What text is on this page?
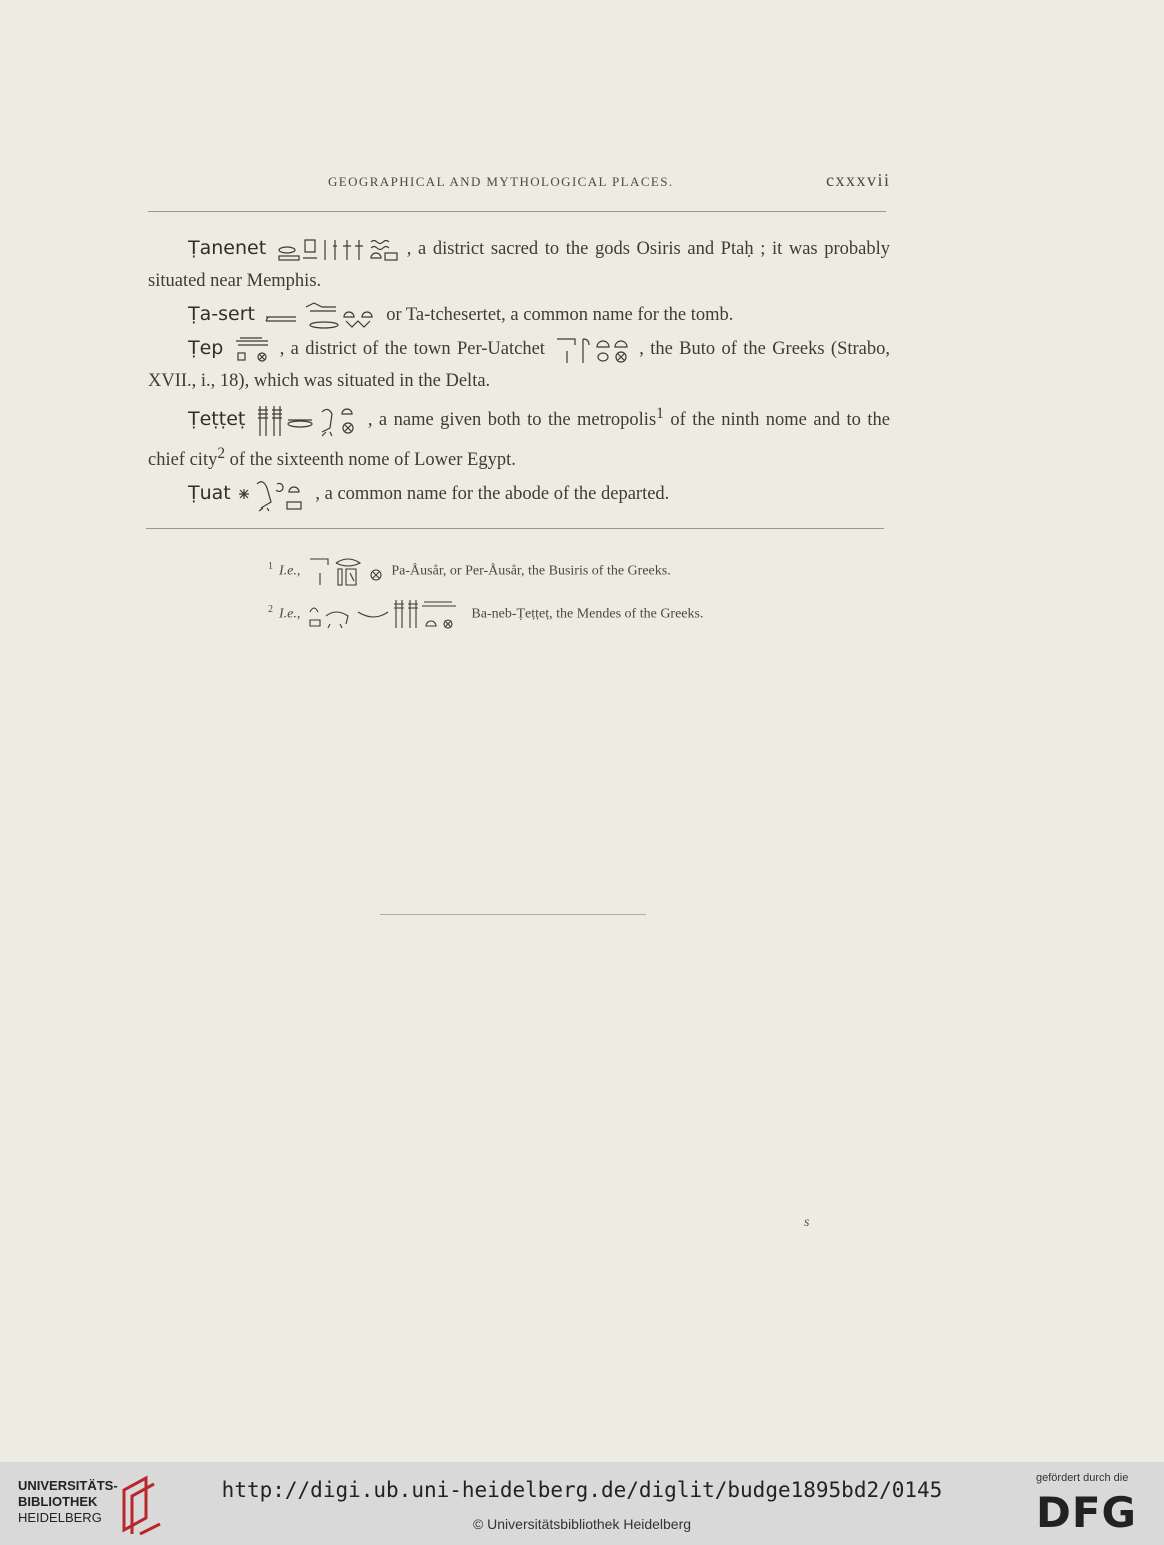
GEOGRAPHICAL AND MYTHOLOGICAL PLACES.	cxxxvii

Ṭanenet	, a district sacred to the gods Osiris and Ptaḥ ; it was probably situated near Memphis.

Ṭa-sert	or Ta-tchesertet, a common name for the tomb.

Ṭep	, a district of the town Per-Uatchet	, the Buto of the Greeks (Strabo, XVII., i., 18), which was situated in the Delta.

Ṭeṭṭeṭ	, a name given both to the metropolis$^1$ of the ninth nome and to the chief city$^2$ of the sixteenth nome of Lower Egypt.

Ṭuat	, a common name for the abode of the departed.

$^1$ I.e.,	Pa-Åusår, or Per-Åusår, the Busiris of the Greeks.
$^2$ I.e.,	Ba-neb-Ṭeṭṭeṭ, the Mendes of the Greeks.
s
UNIVERSITÄTS-
BIBLIOTHEK
HEIDELBERG
http://digi.ub.uni-heidelberg.de/diglit/budge1895bd2/0145
© Universitätsbibliothek Heidelberg
gefördert durch die
DFG
